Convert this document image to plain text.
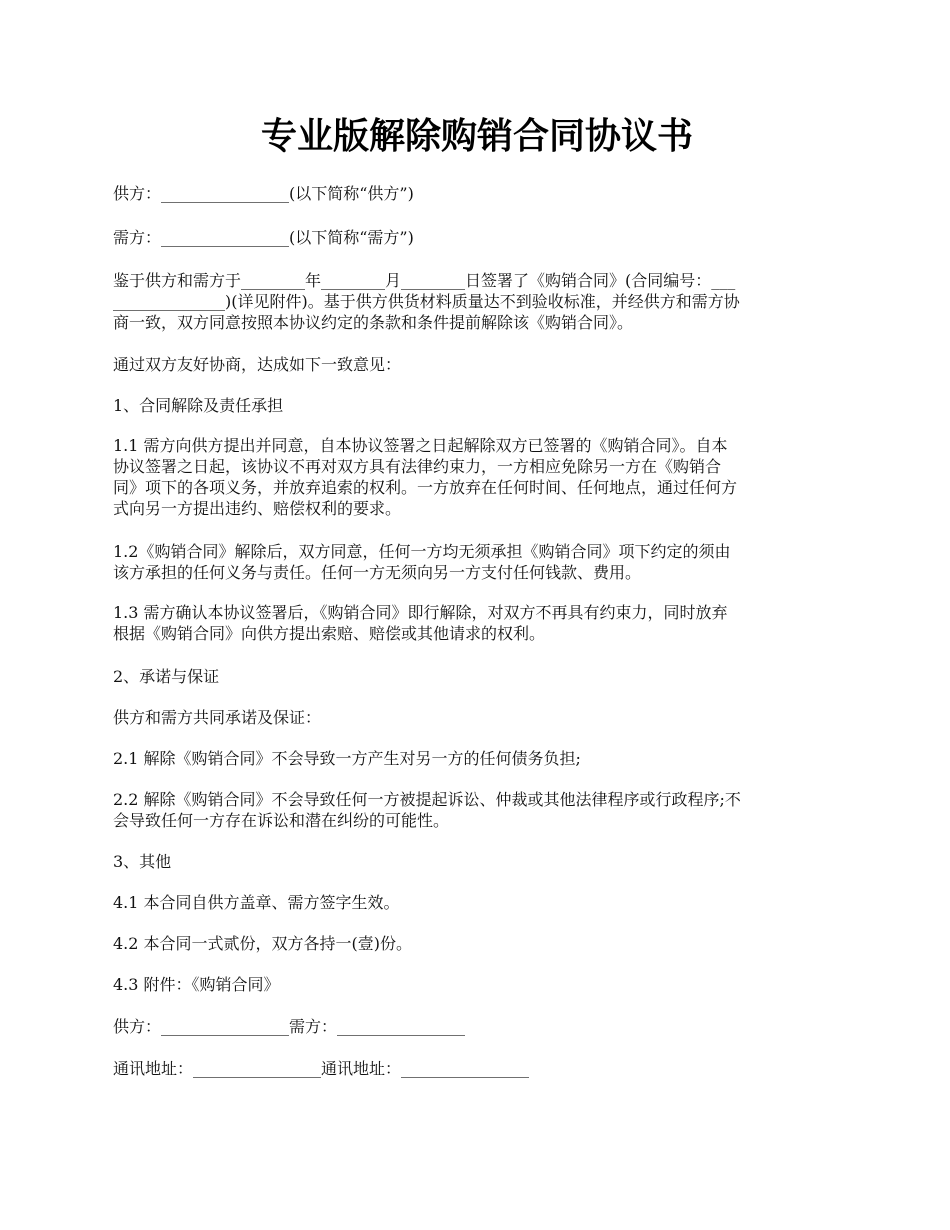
专业版解除购销合同协议书
供方：________________(以下简称“供方”)
需方：________________(以下简称“需方”)
鉴于供方和需方于________年________月________日签署了《购销合同》(合同编号：___
______________)(详见附件)。基于供方供货材料质量达不到验收标准，并经供方和需方协
商一致，双方同意按照本协议约定的条款和条件提前解除该《购销合同》。
通过双方友好协商，达成如下一致意见：
1、合同解除及责任承担
1.1 需方向供方提出并同意，自本协议签署之日起解除双方已签署的《购销合同》。自本
协议签署之日起，该协议不再对双方具有法律约束力，一方相应免除另一方在《购销合
同》项下的各项义务，并放弃追索的权利。一方放弃在任何时间、任何地点，通过任何方
式向另一方提出违约、赔偿权利的要求。
1.2《购销合同》解除后，双方同意，任何一方均无须承担《购销合同》项下约定的须由
该方承担的任何义务与责任。任何一方无须向另一方支付任何钱款、费用。
1.3 需方确认本协议签署后，《购销合同》即行解除，对双方不再具有约束力，同时放弃
根据《购销合同》向供方提出索赔、赔偿或其他请求的权利。
2、承诺与保证
供方和需方共同承诺及保证：
2.1 解除《购销合同》不会导致一方产生对另一方的任何债务负担;
2.2 解除《购销合同》不会导致任何一方被提起诉讼、仲裁或其他法律程序或行政程序;不
会导致任何一方存在诉讼和潜在纠纷的可能性。
3、其他
4.1 本合同自供方盖章、需方签字生效。
4.2 本合同一式贰份，双方各持一(壹)份。
4.3 附件：《购销合同》
供方：________________需方：________________
通讯地址：________________通讯地址：________________
